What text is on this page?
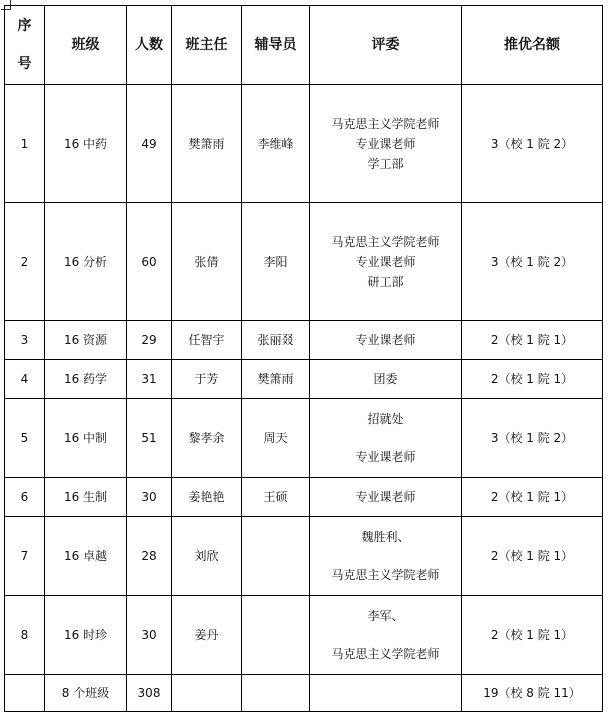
序
号	班级	人数	班主任	辅导员	评委	推优名额
1	16 中药	49	樊箫雨	李维峰	马克思主义学院老师
专业课老师
学工部	3（校 1 院 2）
2	16 分析	60	张倩	李阳	马克思主义学院老师
专业课老师
研工部	3（校 1 院 2）
3	16 资源	29	任智宇	张丽叕	专业课老师	2（校 1 院 1）
4	16 药学	31	于芳	樊箫雨	团委	2（校 1 院 1）
5	16 中制	51	黎孝余	周天	招就处
专业课老师	3（校 1 院 2）
6	16 生制	30	姜艳艳	王硕	专业课老师	2（校 1 院 1）
7	16 卓越	28	刘欣		魏胜利、
马克思主义学院老师	2（校 1 院 1）
8	16 时珍	30	姜丹		李军、
马克思主义学院老师	2（校 1 院 1）
	8 个班级	308				19（校 8 院 11）
